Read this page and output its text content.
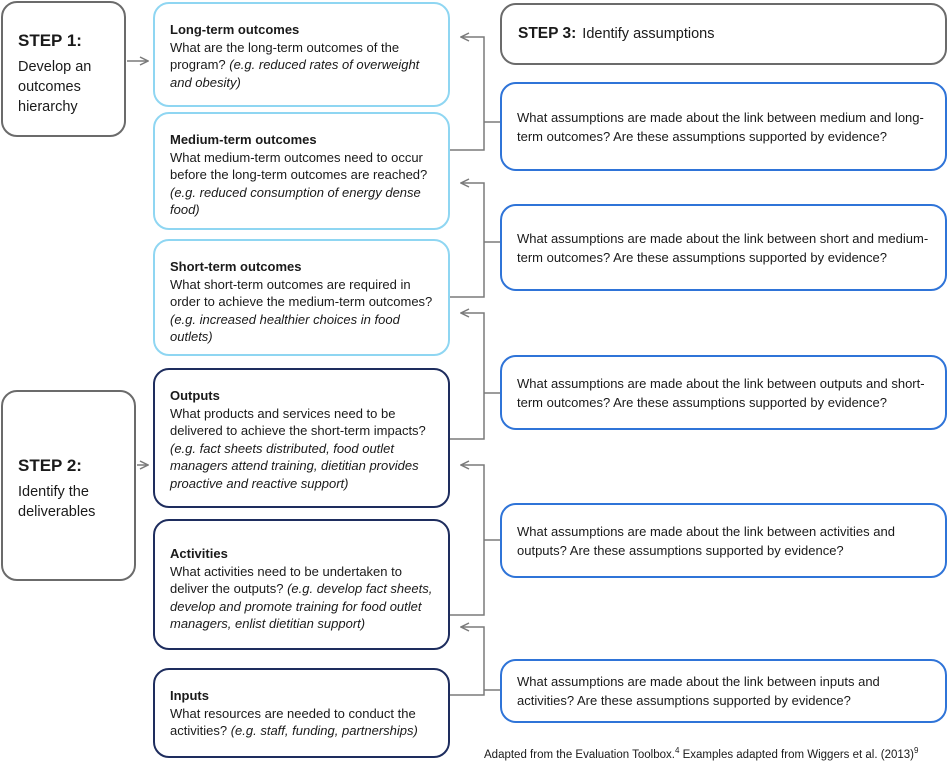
STEP 1:
Develop an outcomes hierarchy
STEP 2:
Identify the deliverables
STEP 3: Identify assumptions
Long-term outcomes
What are the long-term outcomes of the program? (e.g. reduced rates of overweight and obesity)
Medium-term outcomes
What medium-term outcomes need to occur before the long-term outcomes are reached? (e.g. reduced consumption of energy dense food)
Short-term outcomes
What short-term outcomes are required in order to achieve the medium-term outcomes? (e.g. increased healthier choices in food outlets)
Outputs
What products and services need to be delivered to achieve the short-term impacts? (e.g. fact sheets distributed, food outlet managers attend training, dietitian provides proactive and reactive support)
Activities
What activities need to be undertaken to deliver the outputs? (e.g. develop fact sheets, develop and promote training for food outlet managers, enlist dietitian support)
Inputs
What resources are needed to conduct the activities? (e.g. staff, funding, partnerships)
What assumptions are made about the link between medium and long-term outcomes? Are these assumptions supported by evidence?
What assumptions are made about the link between short and medium-term outcomes? Are these assumptions supported by evidence?
What assumptions are made about the link between outputs and short-term outcomes? Are these assumptions supported by evidence?
What assumptions are made about the link between activities and outputs? Are these assumptions supported by evidence?
What assumptions are made about the link between inputs and activities? Are these assumptions supported by evidence?
Adapted from the Evaluation Toolbox.$^4$ Examples adapted from Wiggers et al. $(2013)^9$
